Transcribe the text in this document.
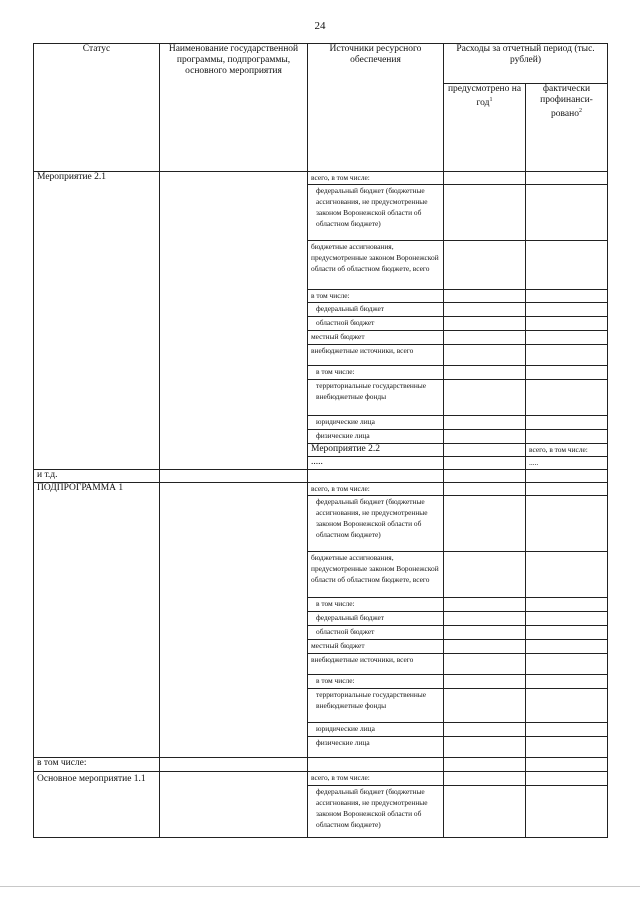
24
Статус	Наименование государственной программы, подпрограммы, основного мероприятия	Источники ресурсного обеспечения	Расходы за отчетный период (тыс. рублей)		
			предусмотрено на год$^1$	фактически профинанси-ровано$^2$
Мероприятие 2.1		всего, в том числе:			
		федеральный бюджет (бюджетные ассигнования, не предусмотренные законом Воронежской области об областном бюджете)			
		бюджетные ассигнования, предусмотренные законом Воронежской области об областном бюджете, всего			
		в том числе:			
		федеральный бюджет			
		областной бюджет			
		местный бюджет			
		внебюджетные источники, всего			
		в том числе:			
		территориальные государственные внебюджетные фонды			
		юридические лица			
		физические лица			
		Мероприятие 2.2		всего, в том числе:		
		.....		.....		
и т.д.					
ПОДПРОГРАММА 1		всего, в том числе:			
		федеральный бюджет (бюджетные ассигнования, не предусмотренные законом Воронежской области об областном бюджете)			
		бюджетные ассигнования, предусмотренные законом Воронежской области об областном бюджете, всего			
		в том числе:			
		федеральный бюджет			
		областной бюджет			
		местный бюджет			
		внебюджетные источники, всего			
		в том числе:			
		территориальные государственные внебюджетные фонды			
		юридические лица			
		физические лица			
в том числе:					
Основное мероприятие 1.1		всего, в том числе:			
		федеральный бюджет (бюджетные ассигнования, не предусмотренные законом Воронежской области об областном бюджете)			
